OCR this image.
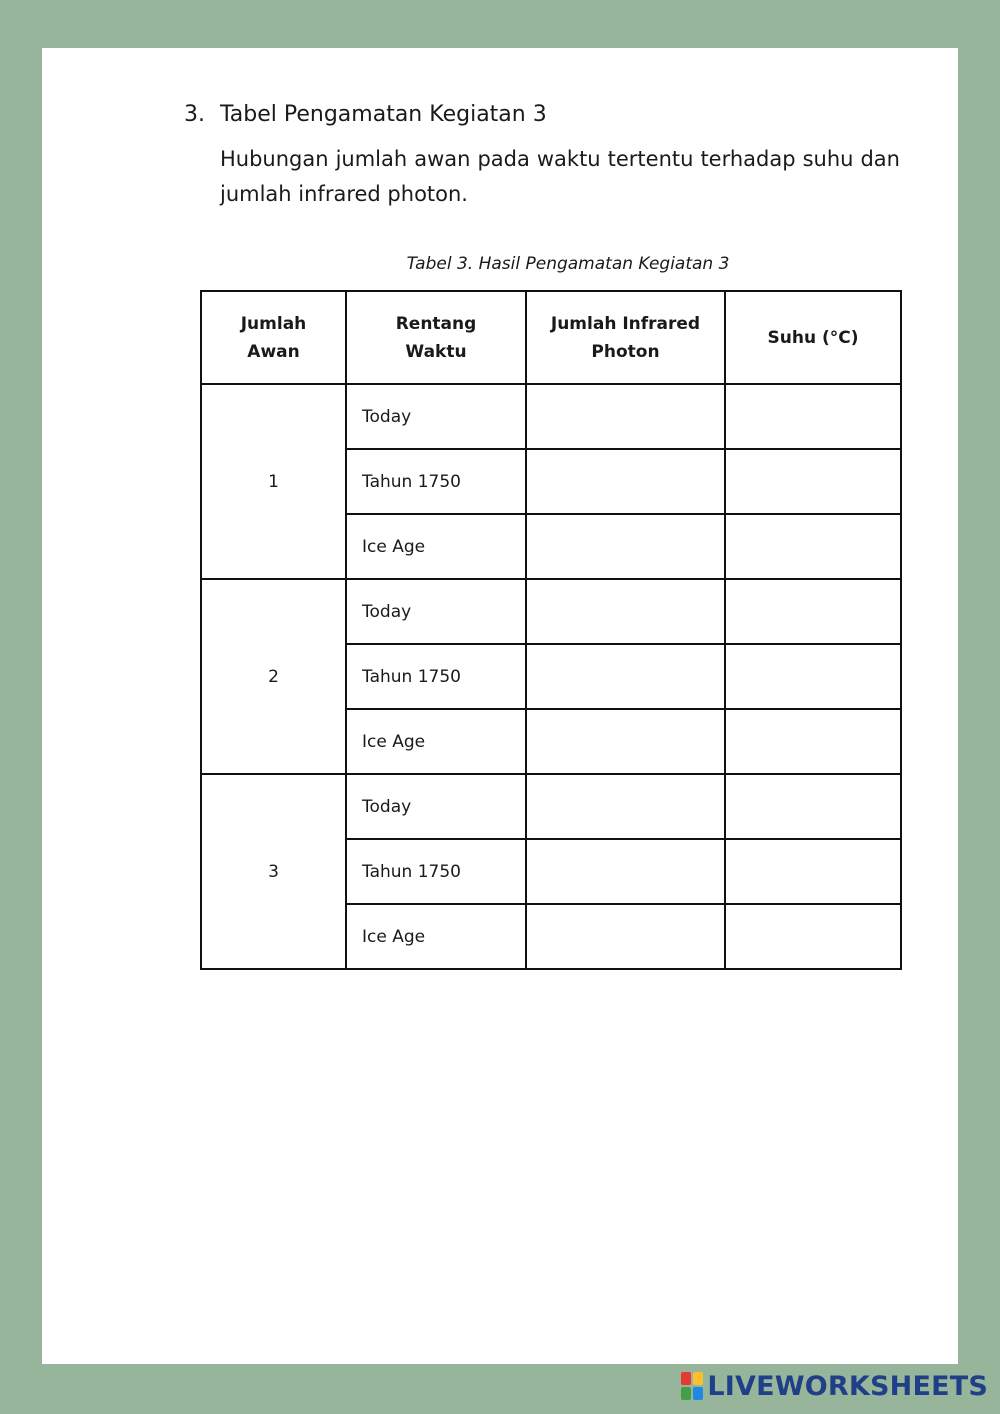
3. Tabel Pengamatan Kegiatan 3
Hubungan jumlah awan pada waktu tertentu terhadap suhu dan jumlah infrared photon.
Tabel 3. Hasil Pengamatan Kegiatan 3
Jumlah Awan	Rentang Waktu	Jumlah Infrared Photon	Suhu (°C)
1	Today		
	Tahun 1750		
	Ice Age		
2	Today		
	Tahun 1750		
	Ice Age		
3	Today		
	Tahun 1750		
	Ice Age		
LIVEWORKSHEETS
